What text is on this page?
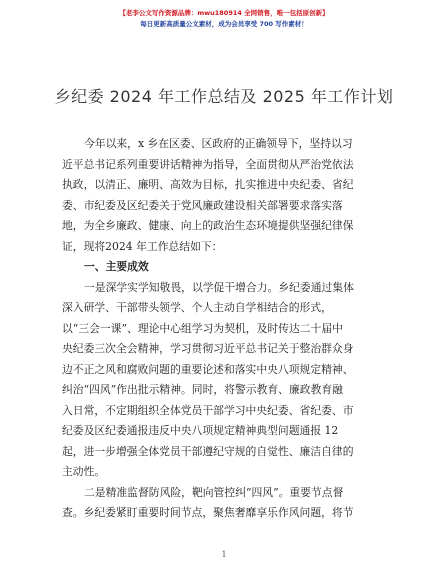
【老李公文写作资源品牌：mwu180914 全网销售，唯一包括原创新】
每日更新高质量公文素材，成为会员享受 700 写作素材！
乡纪委 2024 年工作总结及 2025 年工作计划
今年以来，x 乡在区委、区政府的正确领导下，坚持以习
近平总书记系列重要讲话精神为指导，全面贯彻从严治党依法
执政，以清正、廉明、高效为目标，扎实推进中央纪委、省纪
委、市纪委及区纪委关于党风廉政建设相关部署要求落实落
地，为全乡廉政、健康、向上的政治生态环境提供坚强纪律保
证，现将2024 年工作总结如下：
一、主要成效
一是深学实学知敬畏，以学促干增合力。乡纪委通过集体
深入研学、干部带头领学、个人主动自学相结合的形式，
以“三会一课”、理论中心组学习为契机，及时传达二十届中
央纪委三次全会精神，学习贯彻习近平总书记关于整治群众身
边不正之风和腐败问题的重要论述和落实中央八项规定精神、
纠治“四风”作出批示精神。同时，将警示教育、廉政教育融
入日常，不定期组织全体党员干部学习中央纪委、省纪委、市
纪委及区纪委通报违反中央八项规定精神典型问题通报 12
起，进一步增强全体党员干部遵纪守规的自觉性、廉洁自律的
主动性。
二是精准监督防风险，靶向管控纠“四风”。重要节点督
查。乡纪委紧盯重要时间节点，聚焦奢靡享乐作风问题，将节
1
